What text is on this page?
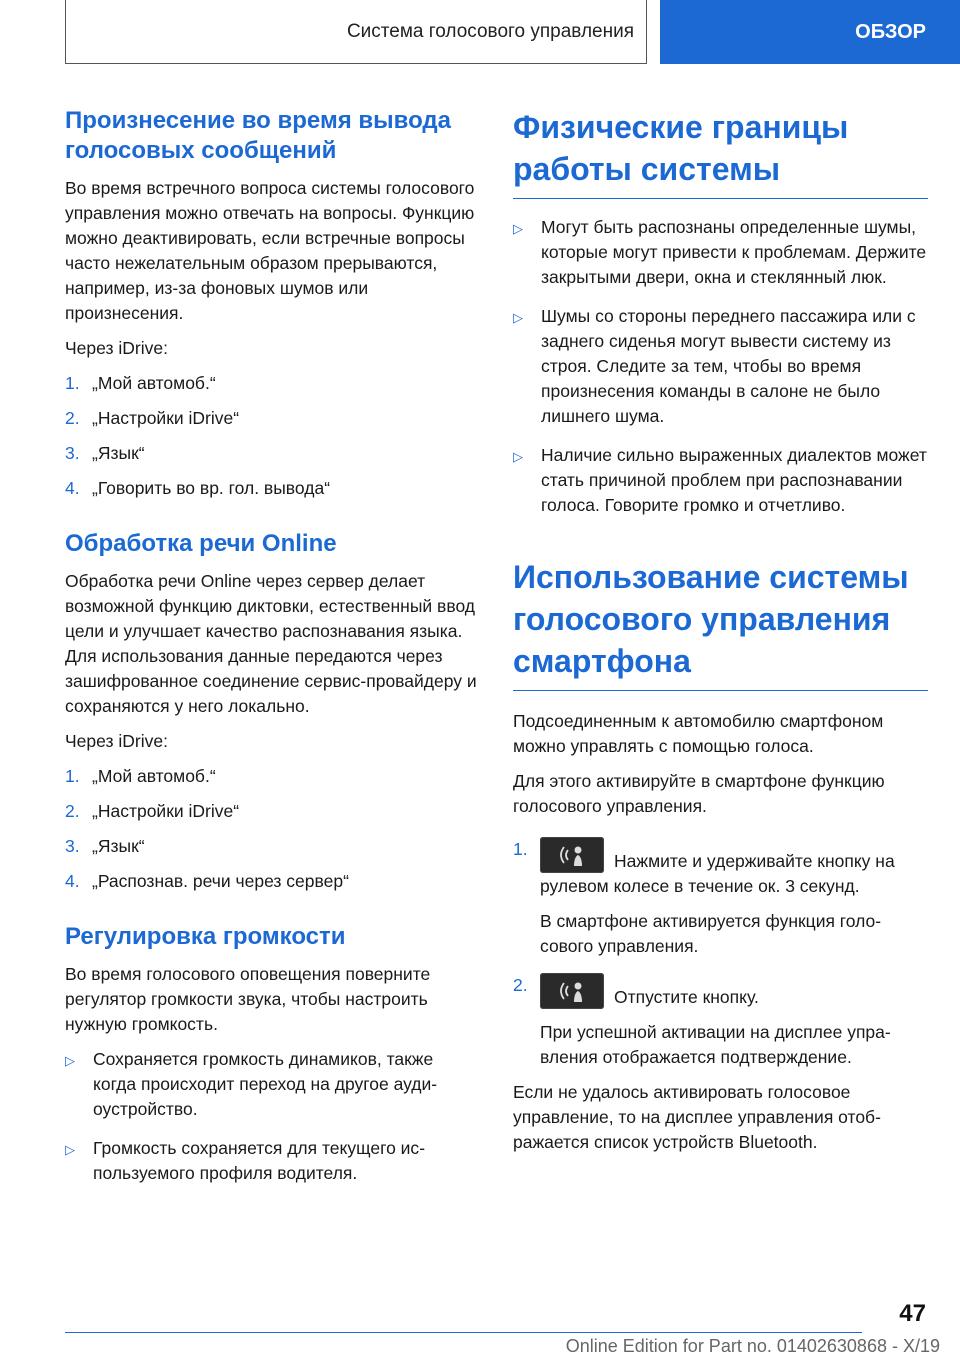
Система голосового управления	ОБЗОР
Произнесение во время вывода голосовых сообщений

Во время встречного вопроса системы голосового управления можно отвечать на вопросы. Функцию можно деактивировать, если встречные вопросы часто нежелательным образом прерываются, например, из-за фоновых шумов или произнесения.

Через iDrive:

1. „Мой автомоб.“
2. „Настройки iDrive“
3. „Язык“
4. „Говорить во вр. гол. вывода“
Обработка речи Online

Обработка речи Online через сервер делает возможной функцию диктовки, естественный ввод цели и улучшает качество распознавания языка. Для использования данные передаются через зашифрованное соединение сервис-провайдеру и сохраняются у него локально.

Через iDrive:

1. „Мой автомоб.“
2. „Настройки iDrive“
3. „Язык“
4. „Распознав. речи через сервер“
Регулировка громкости

Во время голосового оповещения поверните регулятор громкости звука, чтобы настроить нужную громкость.

▷	Сохраняется громкость динамиков, также когда происходит переход на другое аудиоустройство.
▷	Громкость сохраняется для текущего используемого профиля водителя.
Физические границы работы системы
▷	Могут быть распознаны определенные шумы, которые могут привести к проблемам. Держите закрытыми двери, окна и стеклянный люк.
▷	Шумы со стороны переднего пассажира или с заднего сиденья могут вывести систему из строя. Следите за тем, чтобы во время произнесения команды в салоне не было лишнего шума.
▷	Наличие сильно выраженных диалектов может стать причиной проблем при распознавании голоса. Говорите громко и отчетливо.
Использование системы голосового управления смартфона

Подсоединенным к автомобилю смартфоном можно управлять с помощью голоса.

Для этого активируйте в смартфоне функцию голосового управления.

1.
Нажмите и удерживайте кнопку на рулевом колесе в течение ок. 3 секунд.
В смартфоне активируется функция голосового управления.
2.
Отпустите кнопку.
При успешной активации на дисплее управления отображается подтверждение.

Если не удалось активировать голосовое управление, то на дисплее управления отображается список устройств Bluetooth.

47
Online Edition for Part no. 01402630868 - X/19
